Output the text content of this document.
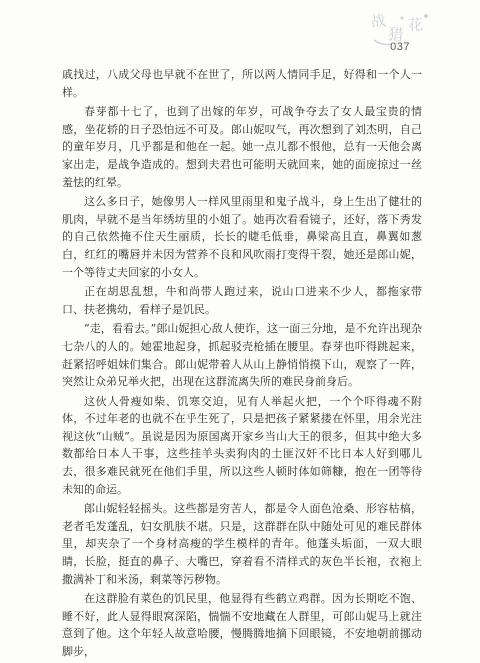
战
猎 花
037

戚找过，八成父母也早就不在世了，所以两人情同手足，好得和一个人一样。

春芽都十七了，也到了出嫁的年岁，可战争夺去了女人最宝贵的情感，坐花轿的日子恐怕远不可及。郎山妮叹气，再次想到了刘杰明，自己的童年岁月，几乎都是和他在一起。她一点儿都不恨他，总有一天他会离家出走，是战争造成的。想到夫君也可能明天就回来，她的面庞掠过一丝羞怯的红晕。

这么多日子，她像男人一样风里雨里和鬼子战斗，身上生出了健壮的肌肉，早就不是当年绣坊里的小姐了。她再次看看镜子，还好，落下秀发的自己依然掩不住天生丽质，长长的睫毛低垂，鼻梁高且直，鼻翼如葱白，红红的嘴唇并未因为营养不良和风吹雨打变得干裂，她还是郎山妮，一个等待丈夫回家的小女人。

正在胡思乱想，牛和尚带人跑过来，说山口进来不少人，都拖家带口、扶老携幼，看样子是饥民。

“走，看看去。”郎山妮担心敌人使诈，这一面三分地，是不允许出现杂七杂八的人的。她霍地起身，抓起驳壳枪插在腰里。春芽也吓得跳起来，赶紧招呼姐妹们集合。郎山妮带着人从山上静悄悄摸下山，观察了一阵，突然让众弟兄举火把，出现在这群流离失所的难民身前身后。

这伙人骨瘦如柴、饥寒交迫，见有人举起火把，一个个吓得魂不附体，不过年老的也就不在乎生死了，只是把孩子紧紧搂在怀里，用余光注视这伙“山贼”。虽说是因为原国离开家乡当山大王的很多，但其中绝大多数都给日本人干事，这些挂羊头卖狗肉的土匪汉奸不比日本人好到哪儿去，很多难民就死在他们手里，所以这些人顿时体如筛糠，抱在一团等待未知的命运。

郎山妮轻轻摇头。这些都是穷苦人，都是令人面色沧桑、形容枯槁，老者毛发蓬乱，妇女肌肤不堪。只是，这群群在队中随处可见的难民群体里，却夹杂了一个身材高瘦的学生模样的青年。他蓬头垢面，一双大眼睛，长脸，挺直的鼻子、大嘴巴，穿着看不清样式的灰色半长袍，衣袍上撒满补丁和米汤，剩菜等污秽物。

在这群脸有菜色的饥民里，他显得有些鹤立鸡群。因为长期吃不饱、睡不好，此人显得眼窝深陷，惴惴不安地藏在人群里，可郎山妮马上就注意到了他。这个年轻人故意哈腰，慢腾腾地摘下回眼镜，不安地朝前挪动脚步，
